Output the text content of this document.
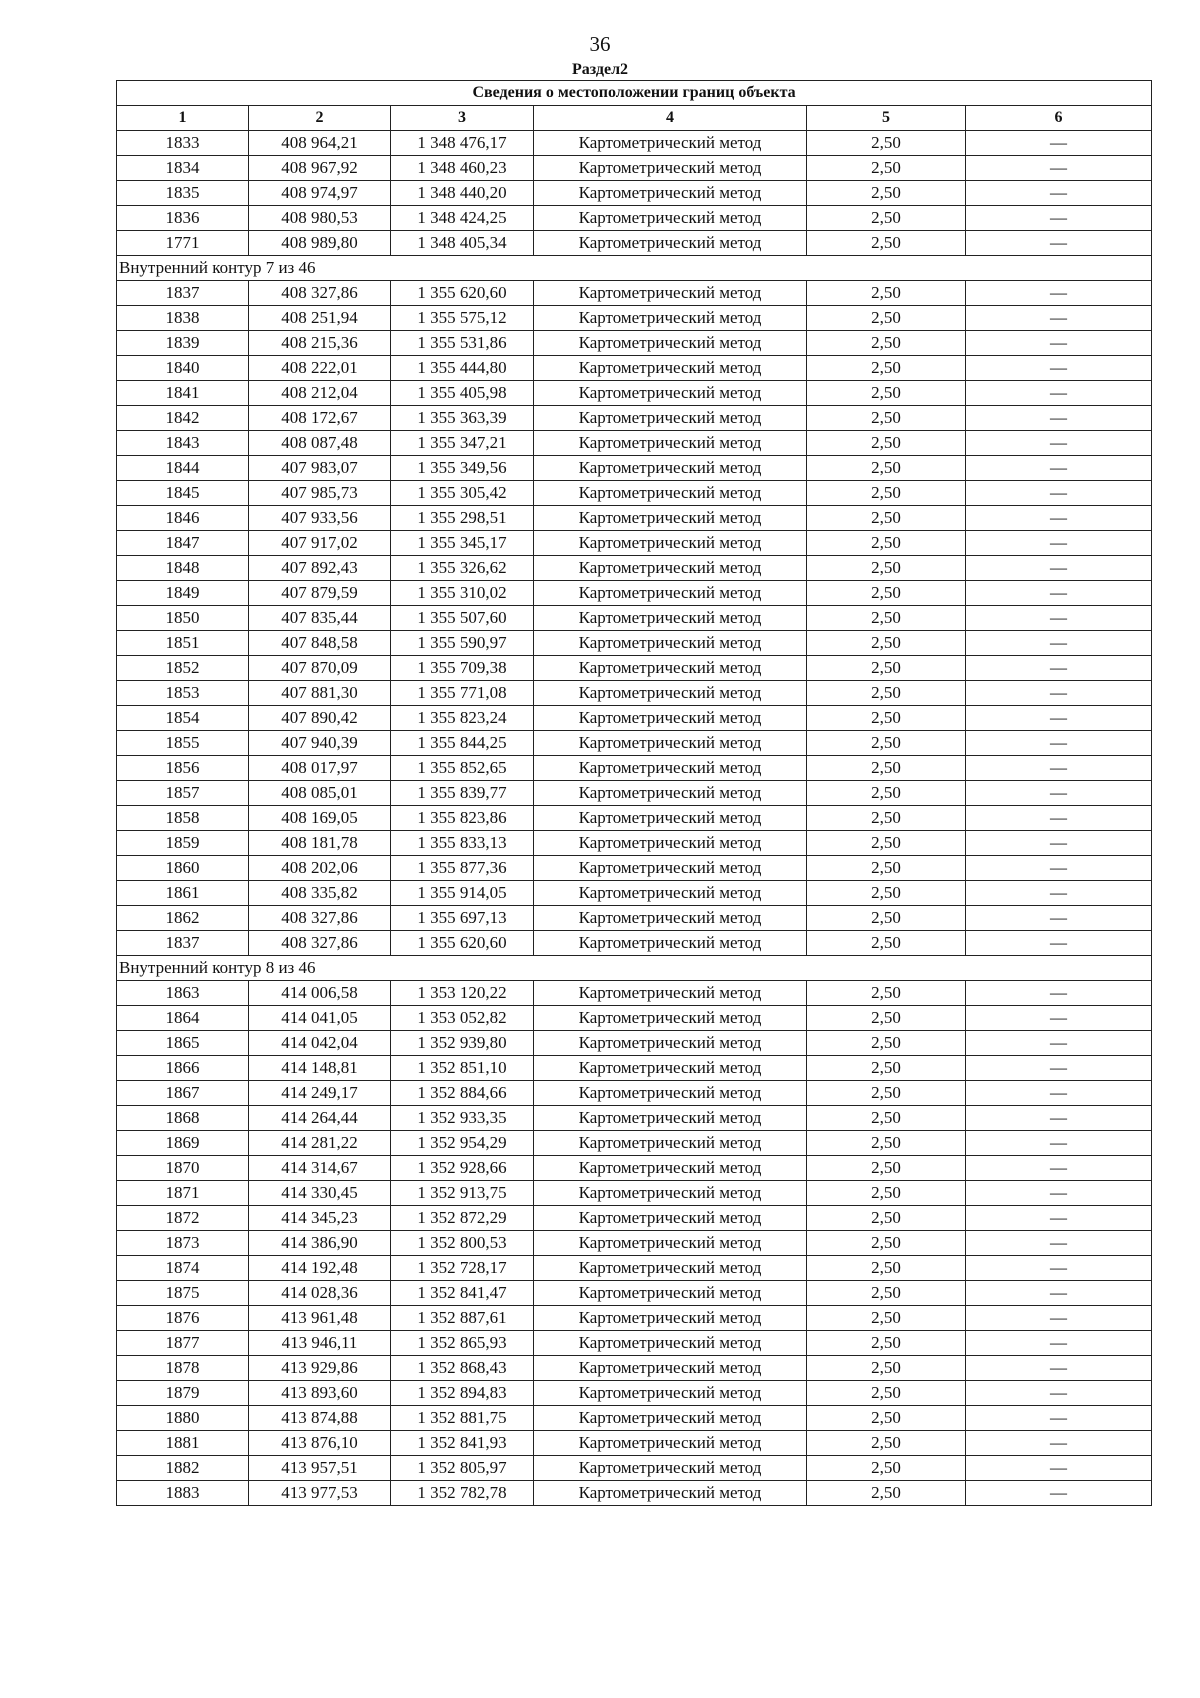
36
Раздел2
Сведения о местоположении границ объекта					
1	2	3	4	5	6
1833	408 964,21	1 348 476,17	Картометрический метод	2,50	—
1834	408 967,92	1 348 460,23	Картометрический метод	2,50	—
1835	408 974,97	1 348 440,20	Картометрический метод	2,50	—
1836	408 980,53	1 348 424,25	Картометрический метод	2,50	—
1771	408 989,80	1 348 405,34	Картометрический метод	2,50	—
Внутренний контур 7 из 46					
1837	408 327,86	1 355 620,60	Картометрический метод	2,50	—
1838	408 251,94	1 355 575,12	Картометрический метод	2,50	—
1839	408 215,36	1 355 531,86	Картометрический метод	2,50	—
1840	408 222,01	1 355 444,80	Картометрический метод	2,50	—
1841	408 212,04	1 355 405,98	Картометрический метод	2,50	—
1842	408 172,67	1 355 363,39	Картометрический метод	2,50	—
1843	408 087,48	1 355 347,21	Картометрический метод	2,50	—
1844	407 983,07	1 355 349,56	Картометрический метод	2,50	—
1845	407 985,73	1 355 305,42	Картометрический метод	2,50	—
1846	407 933,56	1 355 298,51	Картометрический метод	2,50	—
1847	407 917,02	1 355 345,17	Картометрический метод	2,50	—
1848	407 892,43	1 355 326,62	Картометрический метод	2,50	—
1849	407 879,59	1 355 310,02	Картометрический метод	2,50	—
1850	407 835,44	1 355 507,60	Картометрический метод	2,50	—
1851	407 848,58	1 355 590,97	Картометрический метод	2,50	—
1852	407 870,09	1 355 709,38	Картометрический метод	2,50	—
1853	407 881,30	1 355 771,08	Картометрический метод	2,50	—
1854	407 890,42	1 355 823,24	Картометрический метод	2,50	—
1855	407 940,39	1 355 844,25	Картометрический метод	2,50	—
1856	408 017,97	1 355 852,65	Картометрический метод	2,50	—
1857	408 085,01	1 355 839,77	Картометрический метод	2,50	—
1858	408 169,05	1 355 823,86	Картометрический метод	2,50	—
1859	408 181,78	1 355 833,13	Картометрический метод	2,50	—
1860	408 202,06	1 355 877,36	Картометрический метод	2,50	—
1861	408 335,82	1 355 914,05	Картометрический метод	2,50	—
1862	408 327,86	1 355 697,13	Картометрический метод	2,50	—
1837	408 327,86	1 355 620,60	Картометрический метод	2,50	—
Внутренний контур 8 из 46					
1863	414 006,58	1 353 120,22	Картометрический метод	2,50	—
1864	414 041,05	1 353 052,82	Картометрический метод	2,50	—
1865	414 042,04	1 352 939,80	Картометрический метод	2,50	—
1866	414 148,81	1 352 851,10	Картометрический метод	2,50	—
1867	414 249,17	1 352 884,66	Картометрический метод	2,50	—
1868	414 264,44	1 352 933,35	Картометрический метод	2,50	—
1869	414 281,22	1 352 954,29	Картометрический метод	2,50	—
1870	414 314,67	1 352 928,66	Картометрический метод	2,50	—
1871	414 330,45	1 352 913,75	Картометрический метод	2,50	—
1872	414 345,23	1 352 872,29	Картометрический метод	2,50	—
1873	414 386,90	1 352 800,53	Картометрический метод	2,50	—
1874	414 192,48	1 352 728,17	Картометрический метод	2,50	—
1875	414 028,36	1 352 841,47	Картометрический метод	2,50	—
1876	413 961,48	1 352 887,61	Картометрический метод	2,50	—
1877	413 946,11	1 352 865,93	Картометрический метод	2,50	—
1878	413 929,86	1 352 868,43	Картометрический метод	2,50	—
1879	413 893,60	1 352 894,83	Картометрический метод	2,50	—
1880	413 874,88	1 352 881,75	Картометрический метод	2,50	—
1881	413 876,10	1 352 841,93	Картометрический метод	2,50	—
1882	413 957,51	1 352 805,97	Картометрический метод	2,50	—
1883	413 977,53	1 352 782,78	Картометрический метод	2,50	—
